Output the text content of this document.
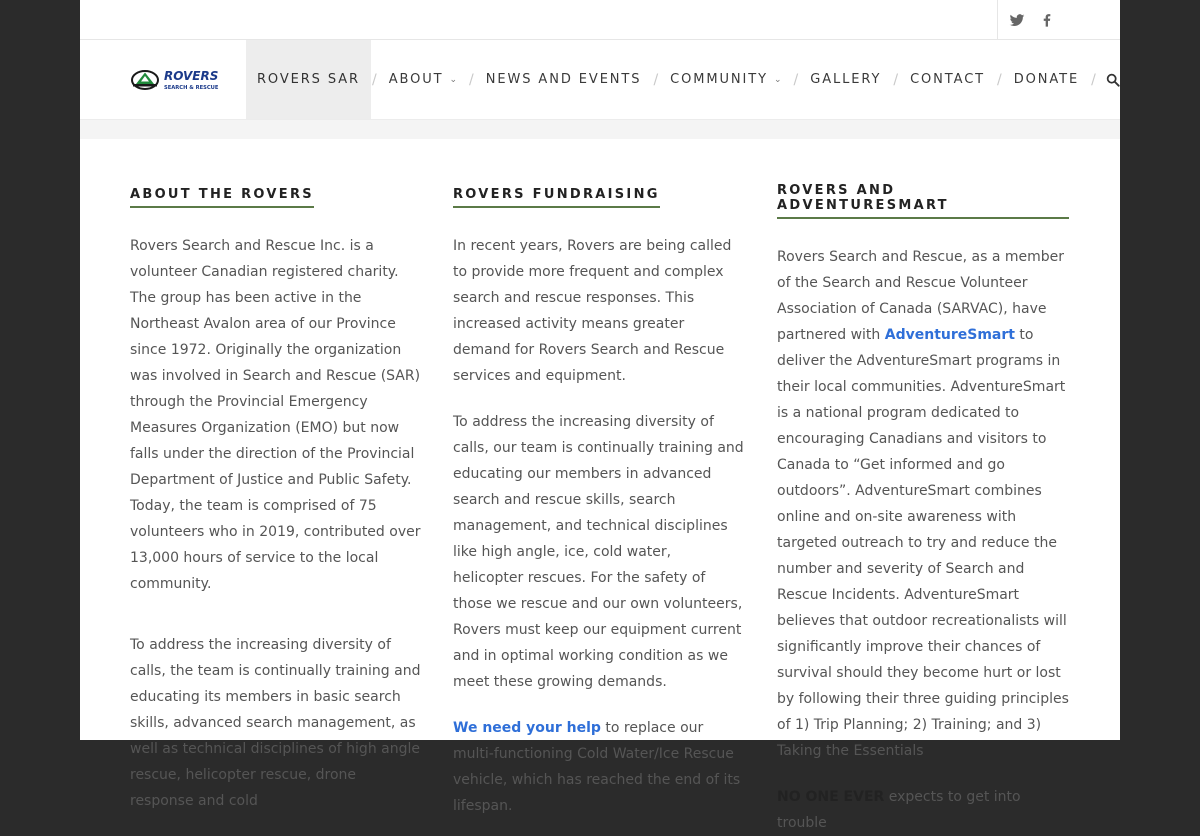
ROVERS
SEARCH & RESCUE
ROVERS SAR / ABOUT ⌄ / NEWS AND EVENTS / COMMUNITY ⌄ / GALLERY / CONTACT / DONATE /
ABOUT THE ROVERS

Rovers Search and Rescue Inc. is a volunteer Canadian registered charity. The group has been active in the Northeast Avalon area of our Province since 1972. Originally the organization was involved in Search and Rescue (SAR) through the Provincial Emergency Measures Organization (EMO) but now falls under the direction of the Provincial Department of Justice and Public Safety. Today, the team is comprised of 75 volunteers who in 2019, contributed over 13,000 hours of service to the local community.

To address the increasing diversity of calls, the team is continually training and educating its members in basic search skills, advanced search management, as well as technical disciplines of high angle rescue, helicopter rescue, drone response and cold

ROVERS FUNDRAISING

In recent years, Rovers are being called to provide more frequent and complex search and rescue responses. This increased activity means greater demand for Rovers Search and Rescue services and equipment.

To address the increasing diversity of calls, our team is continually training and educating our members in advanced search and rescue skills, search management, and technical disciplines like high angle, ice, cold water, helicopter rescues. For the safety of those we rescue and our own volunteers, Rovers must keep our equipment current and in optimal working condition as we meet these growing demands.

We need your help to replace our multi-functioning Cold Water/Ice Rescue vehicle, which has reached the end of its lifespan.

ROVERS AND ADVENTURESMART

Rovers Search and Rescue, as a member of the Search and Rescue Volunteer Association of Canada (SARVAC), have partnered with AdventureSmart to deliver the AdventureSmart programs in their local communities. AdventureSmart is a national program dedicated to encouraging Canadians and visitors to Canada to “Get informed and go outdoors”. AdventureSmart combines online and on-site awareness with targeted outreach to try and reduce the number and severity of Search and Rescue Incidents. AdventureSmart believes that outdoor recreationalists will significantly improve their chances of survival should they become hurt or lost by following their three guiding principles of 1) Trip Planning; 2) Training; and 3) Taking the Essentials

NO ONE EVER expects to get into trouble
